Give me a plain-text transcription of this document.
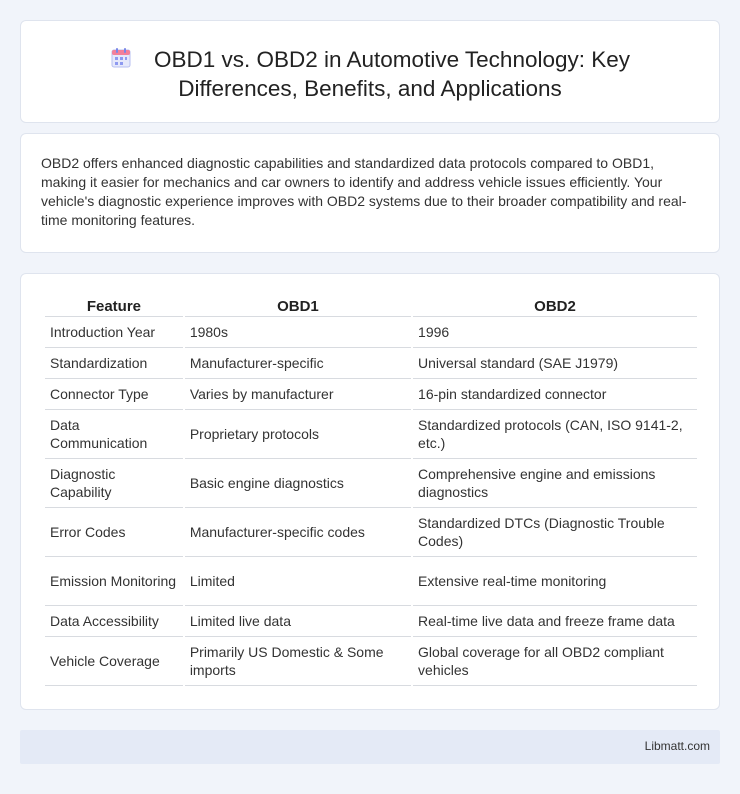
OBD1 vs. OBD2 in Automotive Technology: Key
Differences, Benefits, and Applications

OBD2 offers enhanced diagnostic capabilities and standardized data protocols compared to OBD1, making it easier for mechanics and car owners to identify and address vehicle issues efficiently. Your vehicle's diagnostic experience improves with OBD2 systems due to their broader compatibility and real-time monitoring features.

Feature	OBD1	OBD2
Introduction Year	1980s	1996
Standardization	Manufacturer-specific	Universal standard (SAE J1979)
Connector Type	Varies by manufacturer	16-pin standardized connector
Data Communication	Proprietary protocols	Standardized protocols (CAN, ISO 9141-2, etc.)
Diagnostic Capability	Basic engine diagnostics	Comprehensive engine and emissions diagnostics
Error Codes	Manufacturer-specific codes	Standardized DTCs (Diagnostic Trouble Codes)
Emission Monitoring	Limited	Extensive real-time monitoring
Data Accessibility	Limited live data	Real-time live data and freeze frame data
Vehicle Coverage	Primarily US Domestic & Some imports	Global coverage for all OBD2 compliant vehicles
Libmatt.com
